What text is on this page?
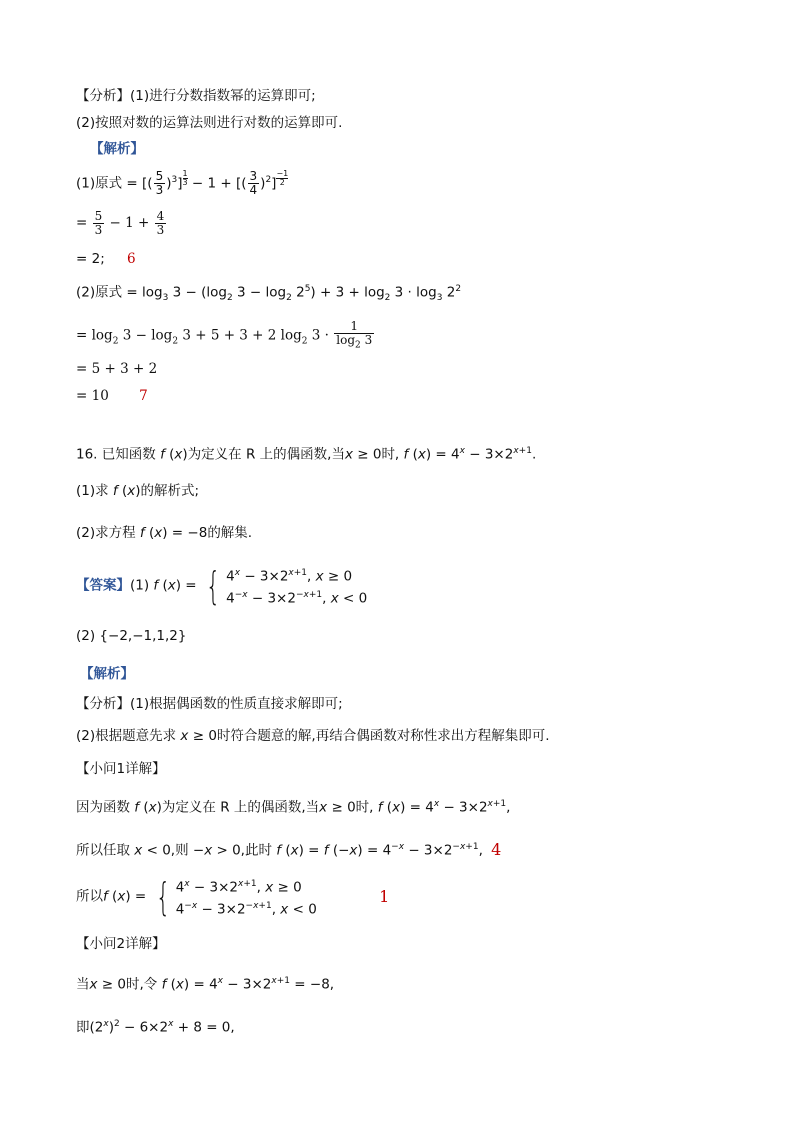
【分析】(1)进行分数指数幂的运算即可;
(2)按照对数的运算法则进行对数的运算即可.
【解析】
(1)原式 = [( $\frac{5}{3} )^3] \frac{1}{3} - 1$ + [( $\frac{3}{4} )^2] \frac{-1}{2}$
= $\frac{5}{3} - 1 + \frac{4}{3}$
= 2; 6
(2)原式 = $\log_3 3 - (\log_2$ $3 - \log_2 2^5) + 3 + \log_2 3 \cdot \log_3 2^2$
= $\log_2 3 - \log_2 3 + 5 + 3 + 2$ $\log_2 3 \cdot \frac{1}{\log_2 3}$
= 5 + 3 + 2
= 10 7
16. 已知函数 f (x)为定义在 R 上的偶函数,当x ≥ 0时, f $(x) = 4^x - 3\times 2^{x+1}$.
(1)求 f (x)的解析式;
(2)求方程 f (x) = −8的解集.
【答案】(1) f (x) = { $4^x - 3\times 2^{x+1}$, x ≥ 0
$4^{-x} - 3\times 2^{-x+1}$, x < 0
(2) {−2,−1,1,2}
【解析】
【分析】(1)根据偶函数的性质直接求解即可;
(2)根据题意先求 x ≥ 0时符合题意的解,再结合偶函数对称性求出方程解集即可.
【小问1详解】
因为函数 f (x)为定义在 R 上的偶函数,当x ≥ 0时, f $(x) = 4^x - 3\times 2^{x+1}$,
所以任取 x < 0,则 −x > 0,此时 f (x) = f $(-x) = 4^{-x} - 3\times 2^{-x+1}$, 4
所以f (x) = { $4^x - 3\times 2^{x+1}$, x ≥ 0
$4^{-x} - 3\times 2^{-x+1}$, x < 0
1
【小问2详解】
当x ≥ 0时,令 f $(x) = 4^x - 3\times 2^{x+1} = -8$,
即$(2^x)^2 - 6\times 2^x + 8 = 0$,
